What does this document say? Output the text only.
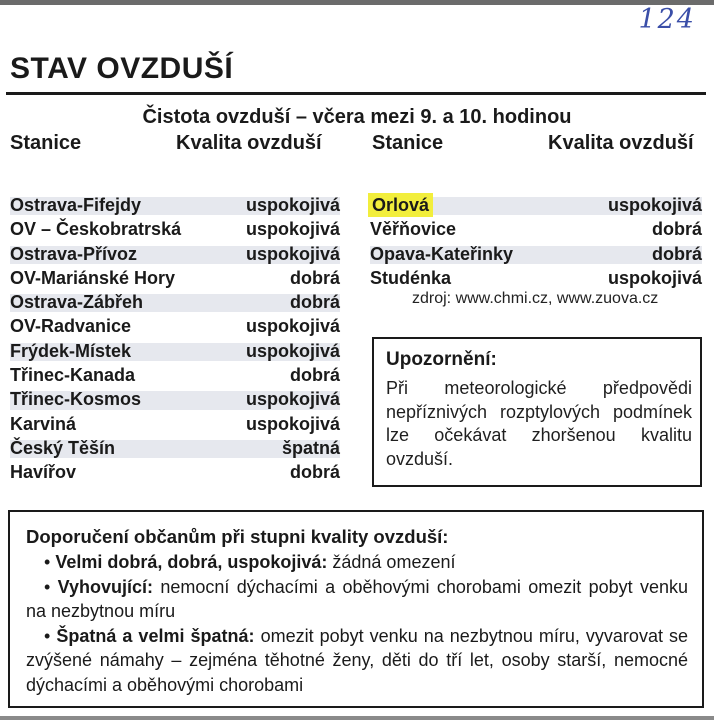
124
STAV OVZDUŠÍ
Čistota ovzduší – včera mezi 9. a 10. hodinou
Stanice	Kvalita ovzduší	Stanice	Kvalita ovzduší
Ostrava-Fifejdy	uspokojivá
OV – Českobratrská	uspokojivá
Ostrava-Přívoz	uspokojivá
OV-Mariánské Hory	dobrá
Ostrava-Zábřeh	dobrá
OV-Radvanice	uspokojivá
Frýdek-Místek	uspokojivá
Třinec-Kanada	dobrá
Třinec-Kosmos	uspokojivá
Karviná	uspokojivá
Český Těšín	špatná
Havířov	dobrá
Orlová	uspokojivá
Věřňovice	dobrá
Opava-Kateřinky	dobrá
Studénka	uspokojivá
zdroj: www.chmi.cz, www.zuova.cz
Upozornění:
Při meteorologické předpovědi nepříznivých rozptylových podmínek lze očekávat zhoršenou kvalitu ovzduší.
Doporučení občanům při stupni kvality ovzduší:
• Velmi dobrá, dobrá, uspokojivá: žádná omezení
• Vyhovující: nemocní dýchacími a oběhovými chorobami omezit pobyt venku na nezbytnou míru
• Špatná a velmi špatná: omezit pobyt venku na nezbytnou míru, vyvarovat se zvýšené námahy – zejména těhotné ženy, děti do tří let, osoby starší, nemocné dýchacími a oběhovými chorobami
